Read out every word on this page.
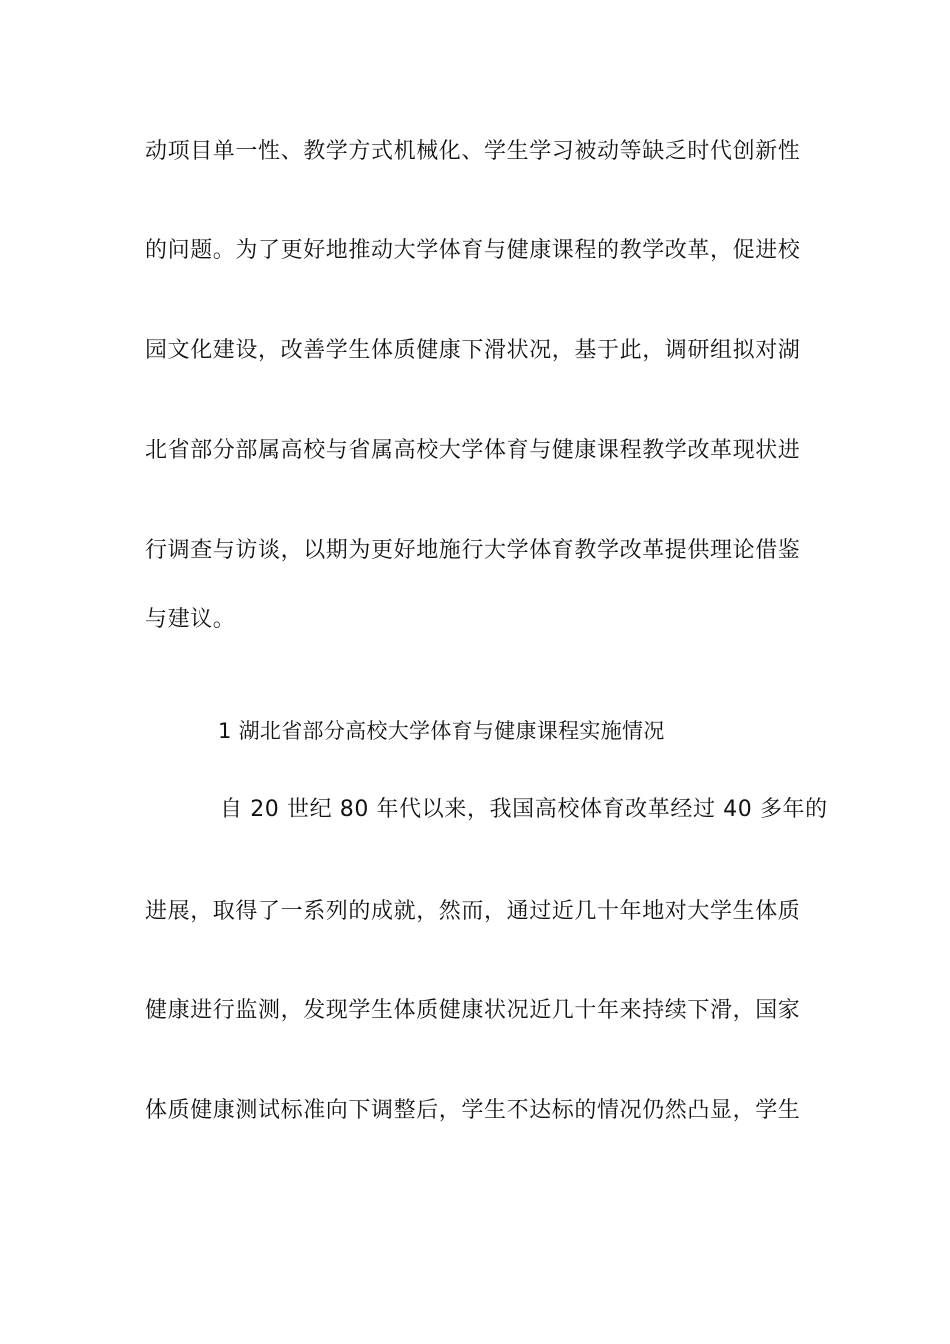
动项目单一性、教学方式机械化、学生学习被动等缺乏时代创新性
的问题。为了更好地推动大学体育与健康课程的教学改革，促进校
园文化建设，改善学生体质健康下滑状况，基于此，调研组拟对湖
北省部分部属高校与省属高校大学体育与健康课程教学改革现状进
行调查与访谈，以期为更好地施行大学体育教学改革提供理论借鉴
与建议。
1 湖北省部分高校大学体育与健康课程实施情况
自 20 世纪 80 年代以来，我国高校体育改革经过 40 多年的
进展，取得了一系列的成就，然而，通过近几十年地对大学生体质
健康进行监测，发现学生体质健康状况近几十年来持续下滑，国家
体质健康测试标准向下调整后，学生不达标的情况仍然凸显，学生
